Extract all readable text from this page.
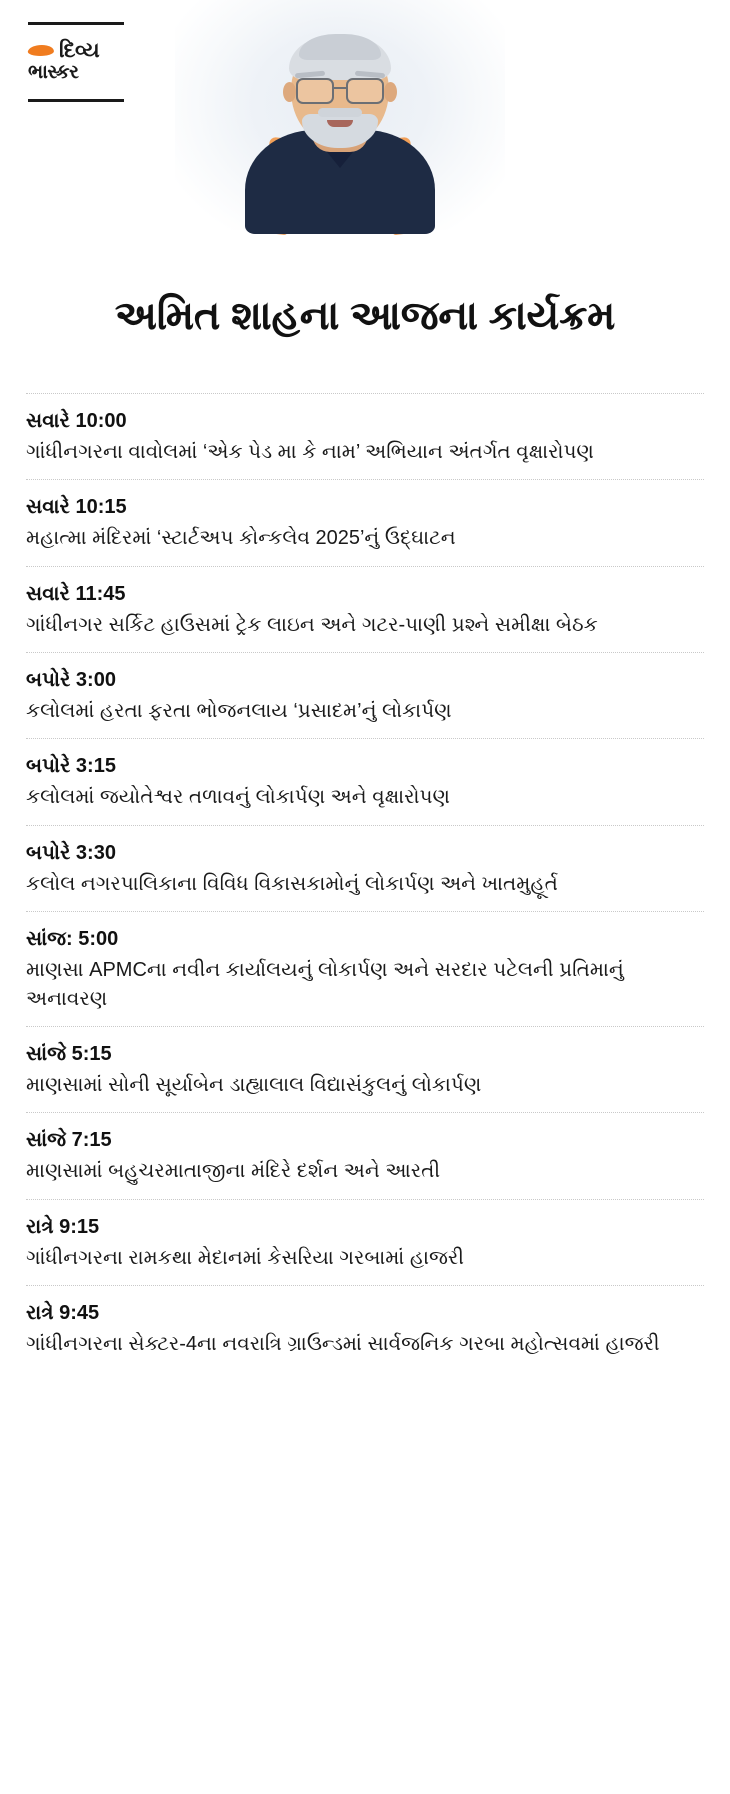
દિવ્ય
ભાસ્કર
અમિત શાહના આજના કાર્યક્રમ
સવારે 10:00
ગાંધીનગરના વાવોલમાં ‘એક પેડ મા કે નામ’ અભિયાન અંતર્ગત વૃક્ષારોપણ
સવારે 10:15
મહાત્મા મંદિરમાં ‘સ્ટાર્ટઅપ કોન્કલેવ 2025’નું ઉદ્ઘાટન
સવારે 11:45
ગાંધીનગર સર્કિટ હાઉસમાં ટ્રેક લાઇન અને ગટર-પાણી પ્રશ્ને સમીક્ષા બેઠક
બપોરે 3:00
કલોલમાં હરતા ફરતા ભોજનલાય ‘પ્રસાદમ’નું લોકાર્પણ
બપોરે 3:15
કલોલમાં જયોતેશ્વર તળાવનું લોકાર્પણ અને વૃક્ષારોપણ
બપોરે 3:30
કલોલ નગરપાલિકાના વિવિધ વિકાસકામોનું લોકાર્પણ અને ખાતમુહૂર્ત
સાંજ: 5:00
માણસા APMCના નવીન કાર્યાલયનું લોકાર્પણ અને સરદાર પટેલની પ્રતિમાનું અનાવરણ
સાંજે 5:15
માણસામાં સોની સૂર્યાબેન ડાહ્યાલાલ વિદ્યાસંકુલનું લોકાર્પણ
સાંજે 7:15
માણસામાં બહુચરમાતાજીના મંદિરે દર્શન અને આરતી
રાત્રે 9:15
ગાંધીનગરના રામકથા મેદાનમાં કેસરિયા ગરબામાં હાજરી
રાત્રે 9:45
ગાંધીનગરના સેક્ટર-4ના નવરાત્રિ ગ્રાઉન્ડમાં સાર્વજનિક ગરબા મહોત્સવમાં હાજરી
